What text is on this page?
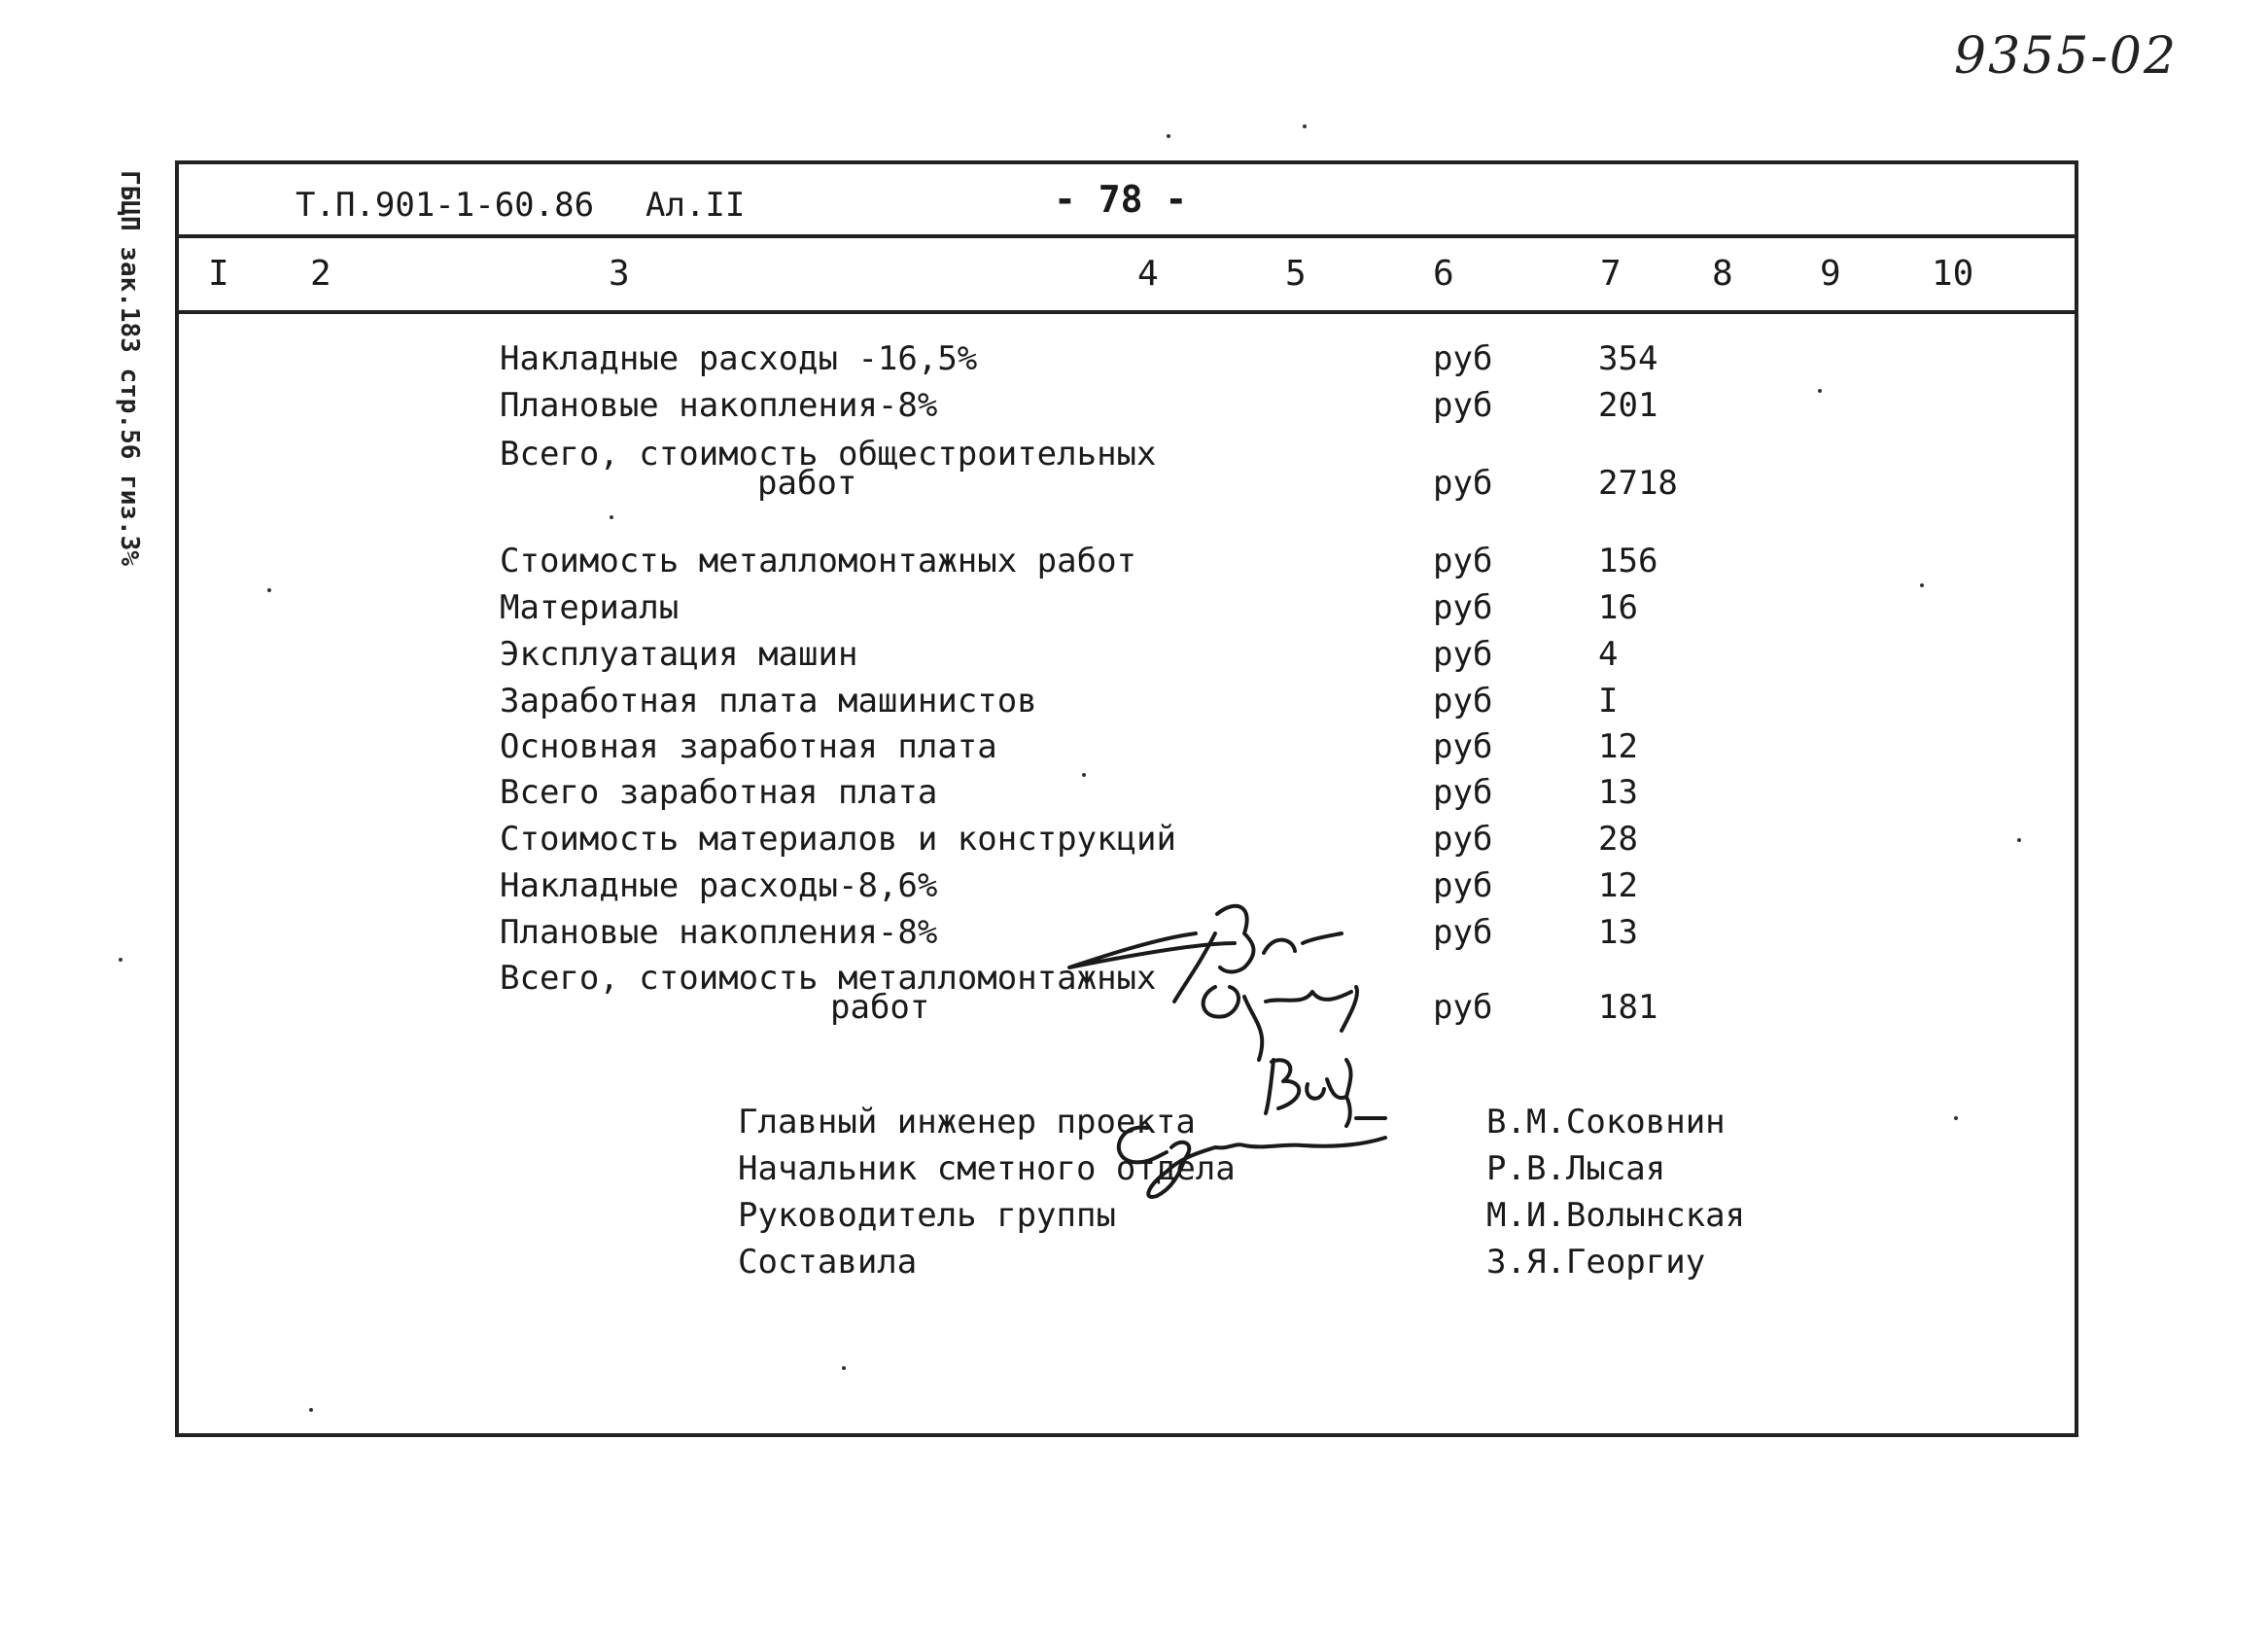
9355-02
ГБЦП зак.183 стр.56 гиз.3%	Т.П.901-1-60.86 Ал.II	- 78 -
I 2	3	4	5	6	7	8 9	10
Накладные расходы -16,5%	руб	354
Плановые накопления-8%	руб	201
Всего, стоимость общестроительных
работ	руб	2718
Стоимость металломонтажных работ	руб	156
Материалы	руб	16
Эксплуатация машин	руб	4
Заработная плата машинистов	руб	I
Основная заработная плата	руб	12
Всего заработная плата	руб	13
Стоимость материалов и конструкций	руб	28
Накладные расходы-8,6%	руб	12
Плановые накопления-8%	руб	13
Всего, стоимость металломонтажных
работ	руб	181
Главный инженер проекта	В.М.Соковнин
Начальник сметного отдела	Р.В.Лысая
Руководитель группы	М.И.Волынская
Составила	З.Я.Георгиу
